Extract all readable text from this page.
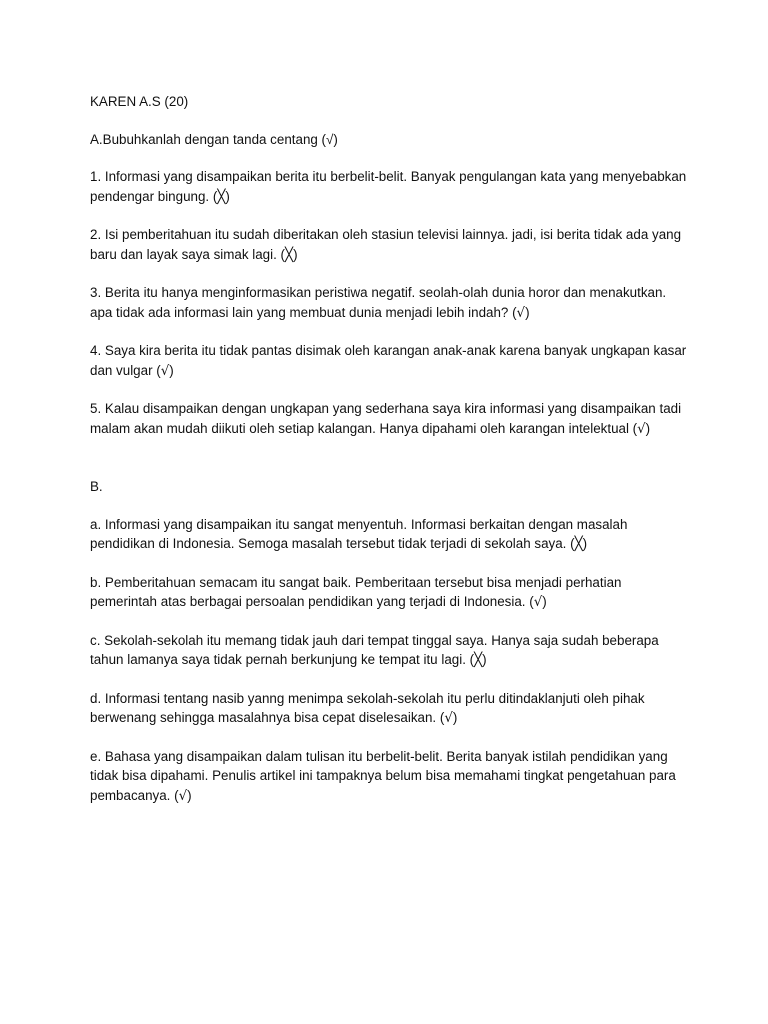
KAREN A.S (20)
A.Bubuhkanlah dengan tanda centang (√)
1. Informasi yang disampaikan berita itu berbelit-belit. Banyak pengulangan kata yang menyebabkan pendengar bingung. (╳)
2. Isi pemberitahuan itu sudah diberitakan oleh stasiun televisi lainnya. jadi, isi berita tidak ada yang baru dan layak saya simak lagi. (╳)
3. Berita itu hanya menginformasikan peristiwa negatif. seolah-olah dunia horor dan menakutkan. apa tidak ada informasi lain yang membuat dunia menjadi lebih indah? (√)
4. Saya kira berita itu tidak pantas disimak oleh karangan anak-anak karena banyak ungkapan kasar dan vulgar (√)
5. Kalau disampaikan dengan ungkapan yang sederhana saya kira informasi yang disampaikan tadi malam akan mudah diikuti oleh setiap kalangan. Hanya dipahami oleh karangan intelektual (√)
B.
a. Informasi yang disampaikan itu sangat menyentuh. Informasi berkaitan dengan masalah pendidikan di Indonesia. Semoga masalah tersebut tidak terjadi di sekolah saya. (╳)
b. Pemberitahuan semacam itu sangat baik. Pemberitaan tersebut bisa menjadi perhatian pemerintah atas berbagai persoalan pendidikan yang terjadi di Indonesia. (√)
c. Sekolah-sekolah itu memang tidak jauh dari tempat tinggal saya. Hanya saja sudah beberapa tahun lamanya saya tidak pernah berkunjung ke tempat itu lagi. (╳)
d. Informasi tentang nasib yanng menimpa sekolah-sekolah itu perlu ditindaklanjuti oleh pihak berwenang sehingga masalahnya bisa cepat diselesaikan. (√)
e. Bahasa yang disampaikan dalam tulisan itu berbelit-belit. Berita banyak istilah pendidikan yang tidak bisa dipahami. Penulis artikel ini tampaknya belum bisa memahami tingkat pengetahuan para pembacanya. (√)
